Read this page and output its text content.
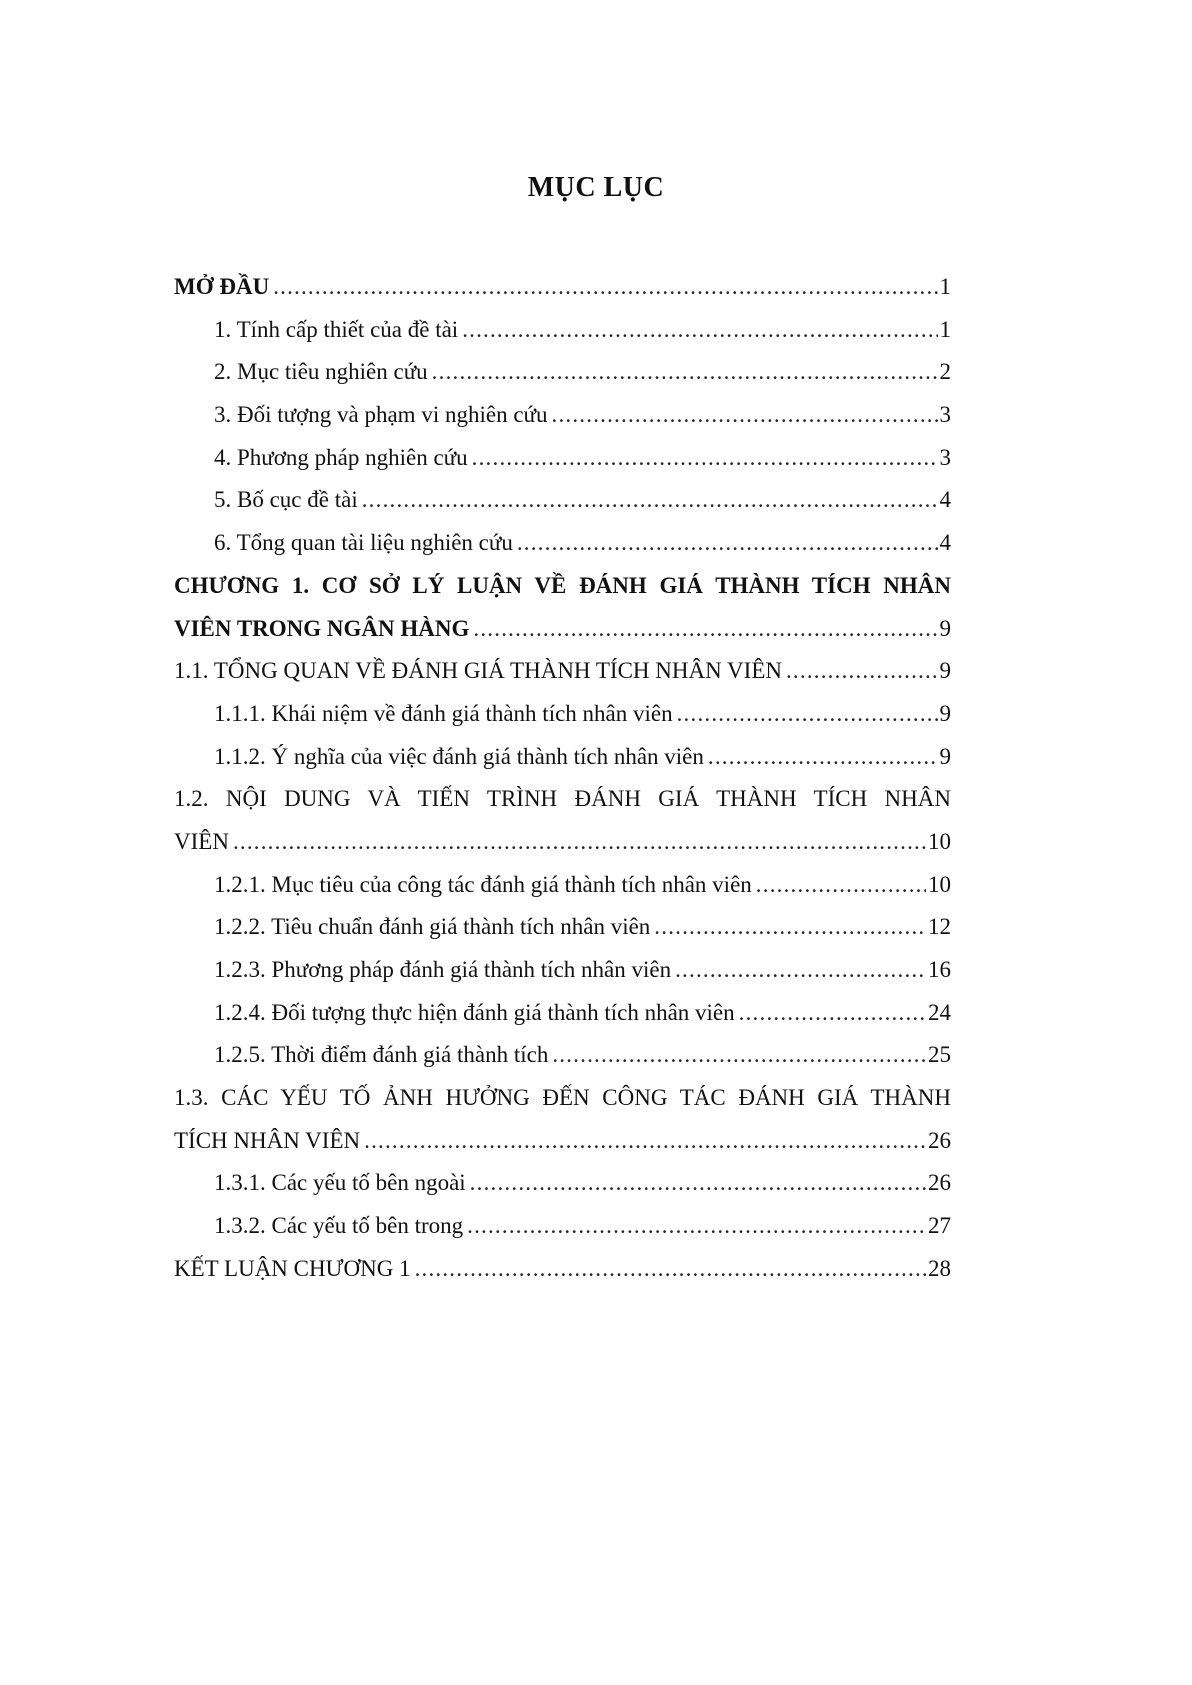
MỤC LỤC
MỞ ĐẦU .....	1
1. Tính cấp thiết của đề tài .....	1
2. Mục tiêu nghiên cứu .....	2
3. Đối tượng và phạm vi nghiên cứu .....	3
4. Phương pháp nghiên cứu .....	3
5. Bố cục đề tài .....	4
6. Tổng quan tài liệu nghiên cứu .....	4
CHƯƠNG 1. CƠ SỞ LÝ LUẬN VỀ ĐÁNH GIÁ THÀNH TÍCH NHÂN
VIÊN TRONG NGÂN HÀNG .....	9
1.1. TỔNG QUAN VỀ ĐÁNH GIÁ THÀNH TÍCH NHÂN VIÊN .....	9
1.1.1. Khái niệm về đánh giá thành tích nhân viên .....	9
1.1.2. Ý nghĩa của việc đánh giá thành tích nhân viên .....	9
1.2. NỘI DUNG VÀ TIẾN TRÌNH ĐÁNH GIÁ THÀNH TÍCH NHÂN
VIÊN .....	10
1.2.1. Mục tiêu của công tác đánh giá thành tích nhân viên .....	10
1.2.2. Tiêu chuẩn đánh giá thành tích nhân viên .....	12
1.2.3. Phương pháp đánh giá thành tích nhân viên .....	16
1.2.4. Đối tượng thực hiện đánh giá thành tích nhân viên .....	24
1.2.5. Thời điểm đánh giá thành tích .....	25
1.3. CÁC YẾU TỐ ẢNH HƯỞNG ĐẾN CÔNG TÁC ĐÁNH GIÁ THÀNH
TÍCH NHÂN VIÊN .....	26
1.3.1. Các yếu tố bên ngoài .....	26
1.3.2. Các yếu tố bên trong .....	27
KẾT LUẬN CHƯƠNG 1 .....	28
